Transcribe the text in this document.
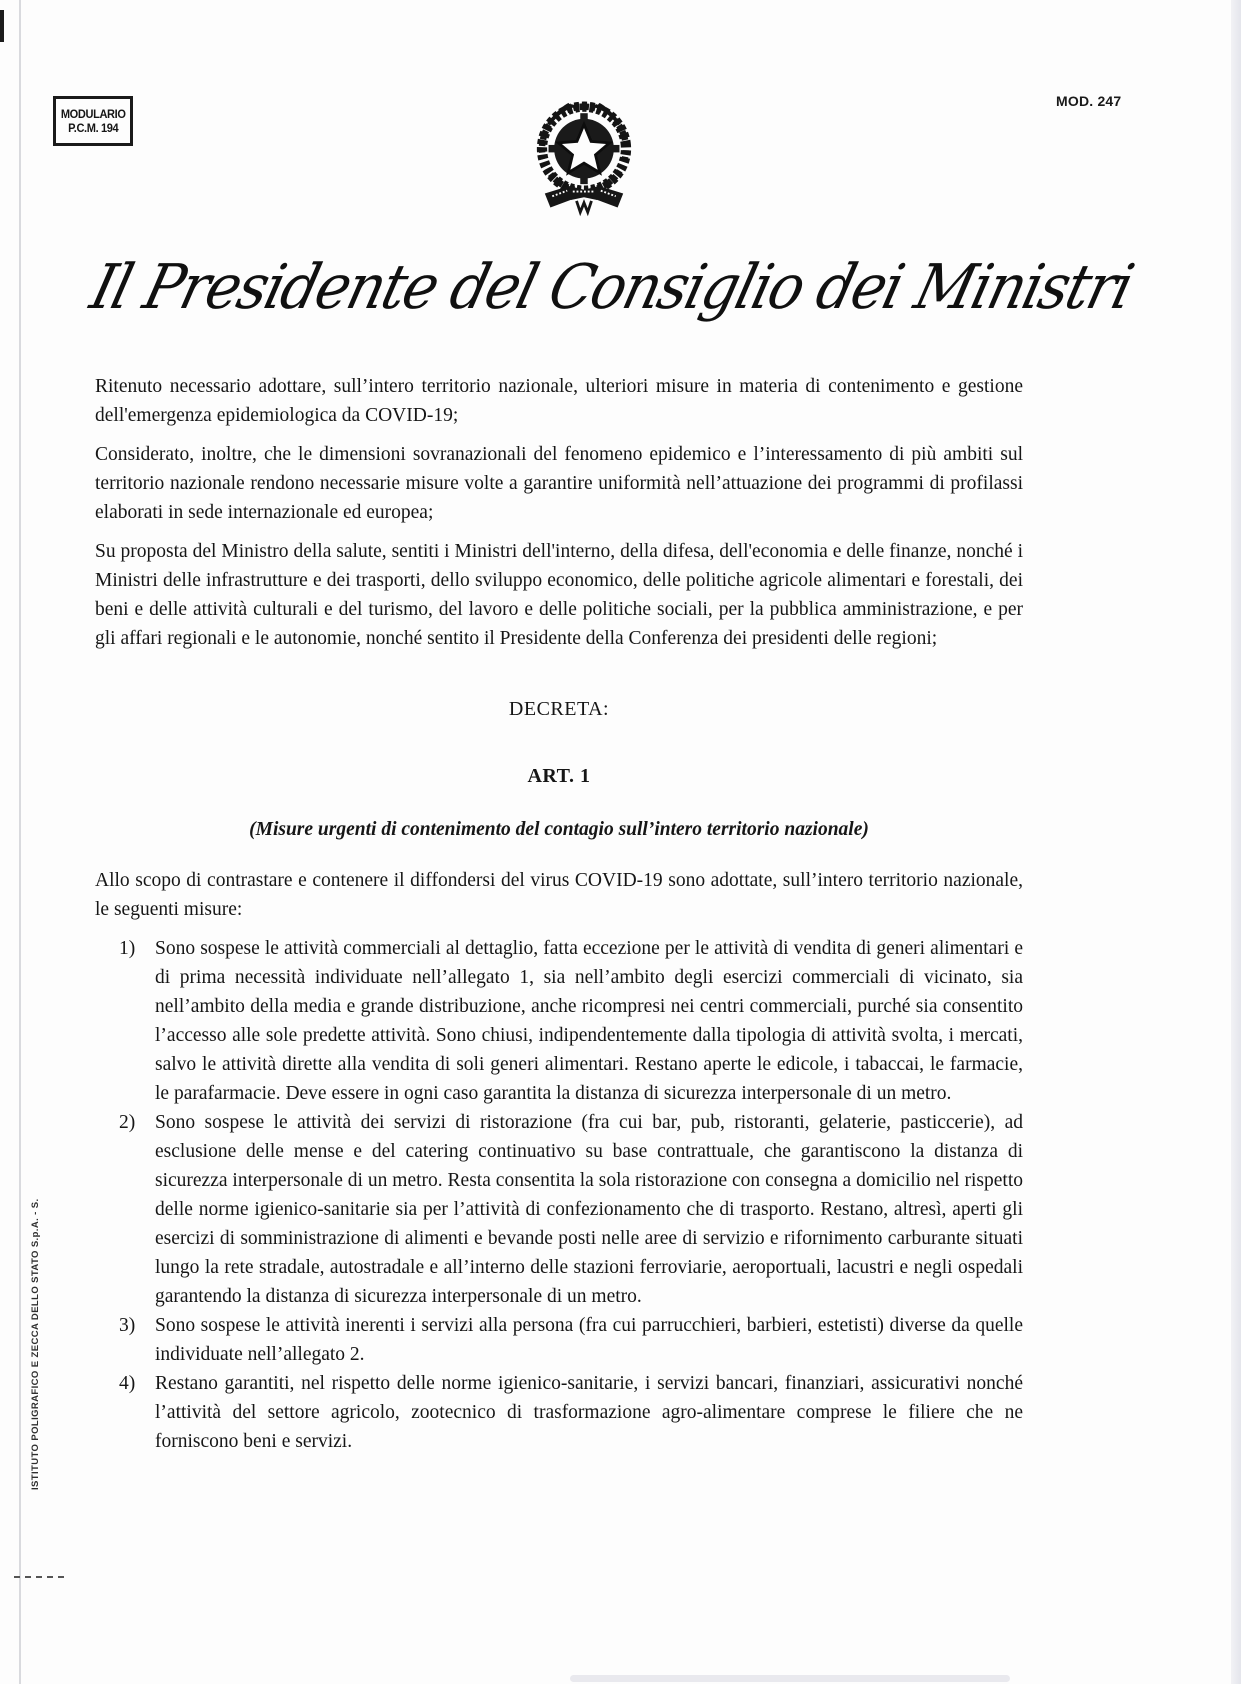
MODULARIO
P.C.M. 194
MOD. 247
Il Presidente del Consiglio dei Ministri

Ritenuto necessario adottare, sull’intero territorio nazionale, ulteriori misure in materia di contenimento e gestione dell'emergenza epidemiologica da COVID-19;

Considerato, inoltre, che le dimensioni sovranazionali del fenomeno epidemico e l’interessamento di più ambiti sul territorio nazionale rendono necessarie misure volte a garantire uniformità nell’attuazione dei programmi di profilassi elaborati in sede internazionale ed europea;

Su proposta del Ministro della salute, sentiti i Ministri dell'interno, della difesa, dell'economia e delle finanze, nonché i Ministri delle infrastrutture e dei trasporti, dello sviluppo economico, delle politiche agricole alimentari e forestali, dei beni e delle attività culturali e del turismo, del lavoro e delle politiche sociali, per la pubblica amministrazione, e per gli affari regionali e le autonomie, nonché sentito il Presidente della Conferenza dei presidenti delle regioni;

DECRETA:
ART. 1
(Misure urgenti di contenimento del contagio sull’intero territorio nazionale)

Allo scopo di contrastare e contenere il diffondersi del virus COVID-19 sono adottate, sull’intero territorio nazionale, le seguenti misure:

1)	Sono sospese le attività commerciali al dettaglio, fatta eccezione per le attività di vendita di generi alimentari e di prima necessità individuate nell’allegato 1, sia nell’ambito degli esercizi commerciali di vicinato, sia nell’ambito della media e grande distribuzione, anche ricompresi nei centri commerciali, purché sia consentito l’accesso alle sole predette attività. Sono chiusi, indipendentemente dalla tipologia di attività svolta, i mercati, salvo le attività dirette alla vendita di soli generi alimentari. Restano aperte le edicole, i tabaccai, le farmacie, le parafarmacie. Deve essere in ogni caso garantita la distanza di sicurezza interpersonale di un metro.
2)	Sono sospese le attività dei servizi di ristorazione (fra cui bar, pub, ristoranti, gelaterie, pasticcerie), ad esclusione delle mense e del catering continuativo su base contrattuale, che garantiscono la distanza di sicurezza interpersonale di un metro. Resta consentita la sola ristorazione con consegna a domicilio nel rispetto delle norme igienico-sanitarie sia per l’attività di confezionamento che di trasporto. Restano, altresì, aperti gli esercizi di somministrazione di alimenti e bevande posti nelle aree di servizio e rifornimento carburante situati lungo la rete stradale, autostradale e all’interno delle stazioni ferroviarie, aeroportuali, lacustri e negli ospedali garantendo la distanza di sicurezza interpersonale di un metro.
3)	Sono sospese le attività inerenti i servizi alla persona (fra cui parrucchieri, barbieri, estetisti) diverse da quelle individuate nell’allegato 2.
4)	Restano garantiti, nel rispetto delle norme igienico-sanitarie, i servizi bancari, finanziari, assicurativi nonché l’attività del settore agricolo, zootecnico di trasformazione agro-alimentare comprese le filiere che ne forniscono beni e servizi.
ISTITUTO POLIGRAFICO E ZECCA DELLO STATO S.p.A. - S.
